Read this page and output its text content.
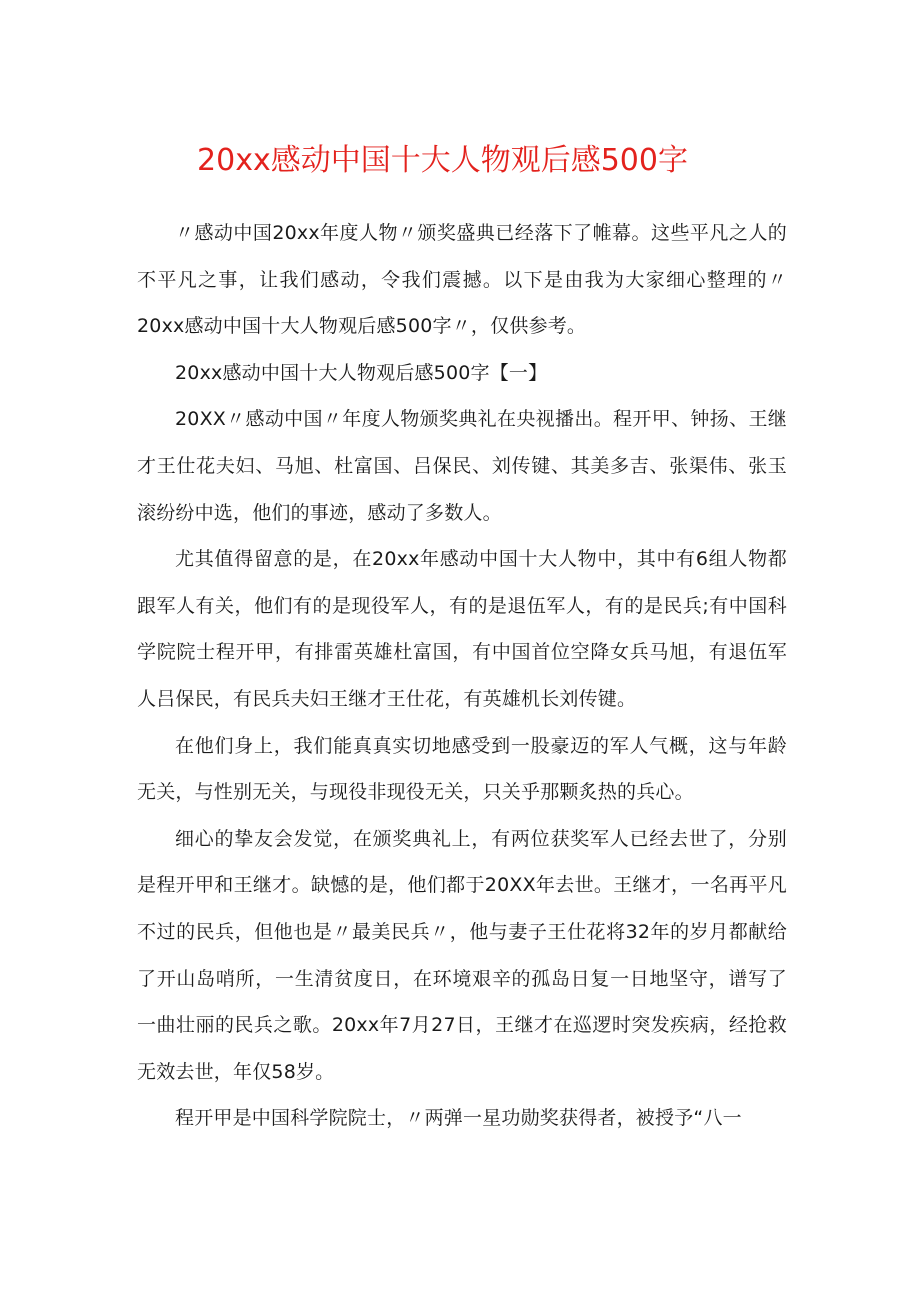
20xx感动中国十大人物观后感500字

〃感动中国20xx年度人物〃颁奖盛典已经落下了帷幕。这些平凡之人的不平凡之事，让我们感动，令我们震撼。以下是由我为大家细心整理的〃20xx感动中国十大人物观后感500字〃，仅供参考。

20xx感动中国十大人物观后感500字【一】

20XX〃感动中国〃年度人物颁奖典礼在央视播出。程开甲、钟扬、王继才王仕花夫妇、马旭、杜富国、吕保民、刘传键、其美多吉、张渠伟、张玉滚纷纷中选，他们的事迹，感动了多数人。

尤其值得留意的是，在20xx年感动中国十大人物中，其中有6组人物都跟军人有关，他们有的是现役军人，有的是退伍军人，有的是民兵;有中国科学院院士程开甲，有排雷英雄杜富国，有中国首位空降女兵马旭，有退伍军人吕保民，有民兵夫妇王继才王仕花，有英雄机长刘传键。

在他们身上，我们能真真实切地感受到一股豪迈的军人气概，这与年龄无关，与性别无关，与现役非现役无关，只关乎那颗炙热的兵心。

细心的挚友会发觉，在颁奖典礼上，有两位获奖军人已经去世了，分别是程开甲和王继才。缺憾的是，他们都于20XX年去世。王继才，一名再平凡不过的民兵，但他也是〃最美民兵〃，他与妻子王仕花将32年的岁月都献给了开山岛哨所，一生清贫度日，在环境艰辛的孤岛日复一日地坚守，谱写了一曲壮丽的民兵之歌。20xx年7月27日，王继才在巡逻时突发疾病，经抢救无效去世，年仅58岁。

程开甲是中国科学院院士，〃两弹一星功勋奖获得者，被授予“八一
